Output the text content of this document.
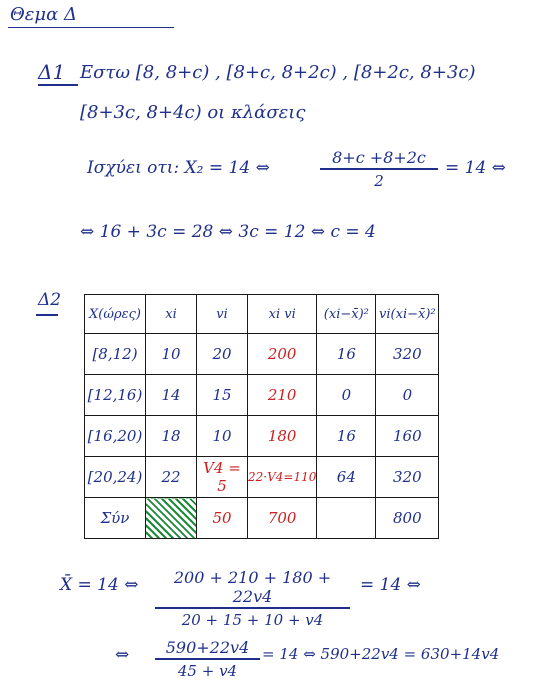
Θεμα Δ
Δ1 Εστω [8, 8+c) , [8+c, 8+2c) , [8+2c, 8+3c)
[8+3c, 8+4c) οι κλάσεις
Ισχύει οτι: X₂ = 14 ⇔
8+c +8+2c
2
= 14 ⇔
⇔ 16 + 3c = 28 ⇔ 3c = 12 ⇔ c = 4
Δ2
X(ώρες)	xi	vi	xi vi	(xi−x̄)²	vi(xi−x̄)²
[8,12)	10	20	200	16	320
[12,16)	14	15	210	0	0
[16,20)	18	10	180	16	160
[20,24)	22	V4 = 5	22·V4=110	64	320
Σύν		50	700		800
X̄ = 14 ⇔	200 + 210 + 180 + 22v4
20 + 15 + 10 + v4
= 14 ⇔
⇔	590+22v4
45 + v4
= 14 ⇔ 590+22v4 = 630+14v4
